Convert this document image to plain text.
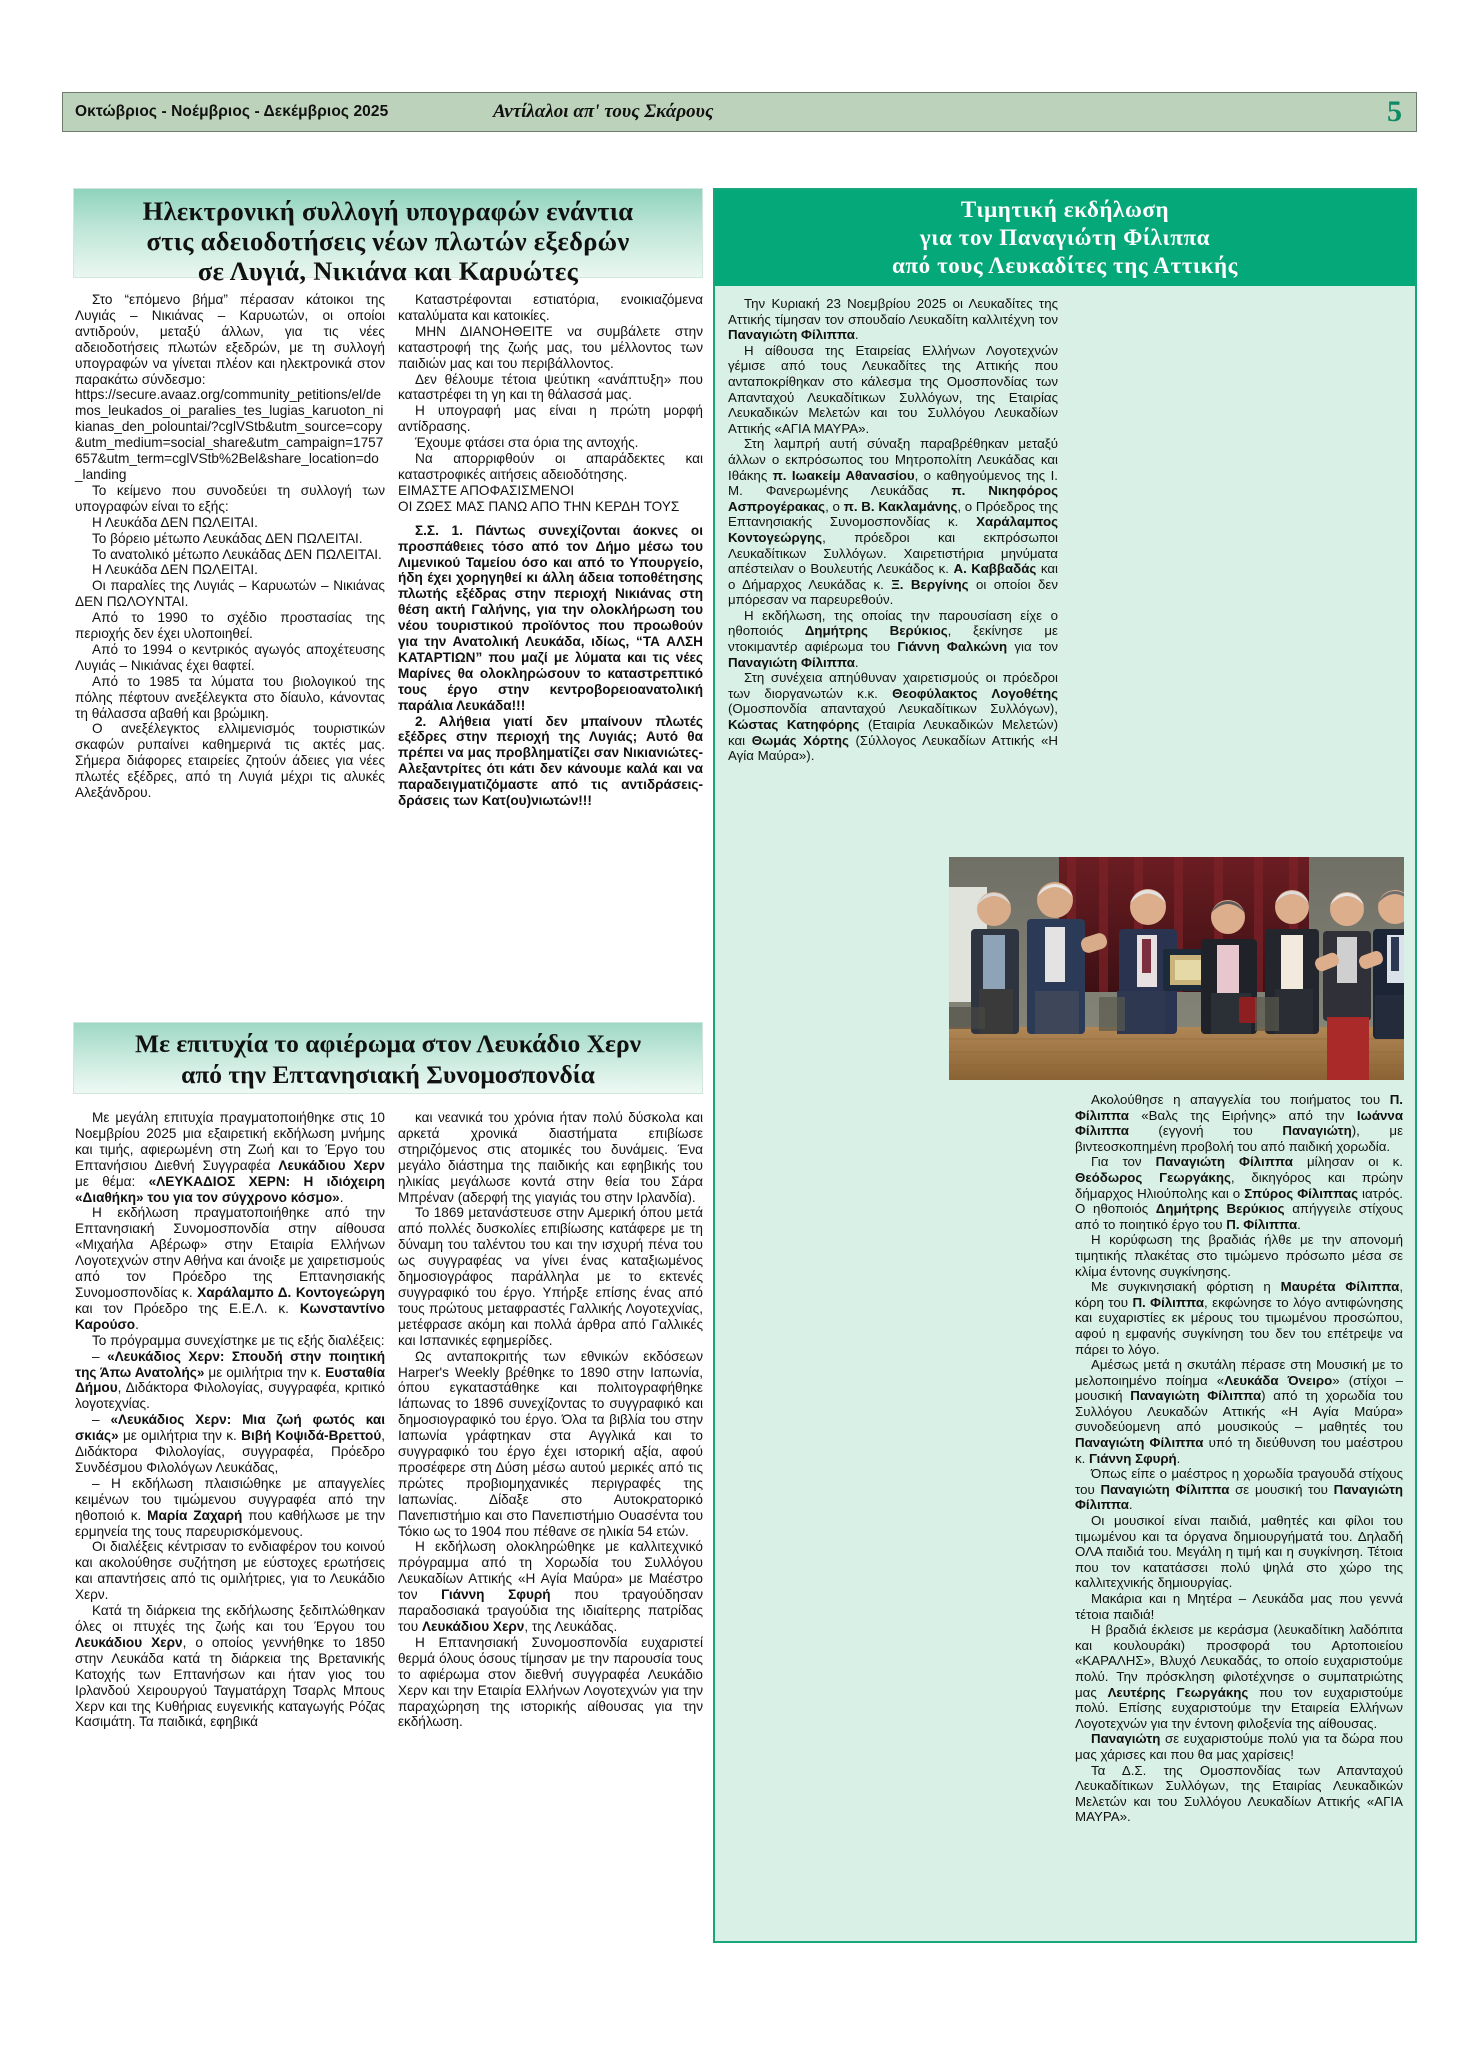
Οκτώβριος - Νοέμβριος - Δεκέμβριος 2025	Αντίλαλοι απ' τους Σκάρους	5
Ηλεκτρονική συλλογή υπογραφών ενάντια
στις αδειοδοτήσεις νέων πλωτών εξεδρών
σε Λυγιά, Νικιάνα και Καρυώτες

Στο “επόμενο βήμα” πέρασαν κάτοικοι της Λυγιάς – Νικιάνας – Καρυωτών, οι οποίοι αντιδρούν, μεταξύ άλλων, για τις νέες αδειοδοτήσεις πλωτών εξεδρών, με τη συλλογή υπογραφών να γίνεται πλέον και ηλεκτρονικά στον παρακάτω σύνδεσμο:

https://secure.avaaz.org/community_petitions/el/demos_leukados_oi_paralies_tes_lugias_karuoton_nikianas_den_polountai/?cglVStb&utm_source=copy&utm_medium=social_share&utm_campaign=1757657&utm_term=cglVStb%2Bel&share_location=do_landing

Το κείμενο που συνοδεύει τη συλλογή των υπογραφών είναι το εξής:

Η Λευκάδα ΔΕΝ ΠΩΛΕΙΤΑΙ.

Το βόρειο μέτωπο Λευκάδας ΔΕΝ ΠΩΛΕΙΤΑΙ.

Το ανατολικό μέτωπο Λευκάδας ΔΕΝ ΠΩΛΕΙΤΑΙ.

Η Λευκάδα ΔΕΝ ΠΩΛΕΙΤΑΙ.

Οι παραλίες της Λυγιάς – Καρυωτών – Νικιάνας ΔΕΝ ΠΩΛΟΥΝΤΑΙ.

Από το 1990 το σχέδιο προστασίας της περιοχής δεν έχει υλοποιηθεί.

Από το 1994 ο κεντρικός αγωγός αποχέτευσης Λυγιάς – Νικιάνας έχει θαφτεί.

Από το 1985 τα λύματα του βιολογικού της πόλης πέφτουν ανεξέλεγκτα στο δίαυλο, κάνοντας τη θάλασσα αβαθή και βρώμικη.

Ο ανεξέλεγκτος ελλιμενισμός τουριστικών σκαφών ρυπαίνει καθημερινά τις ακτές μας. Σήμερα διάφορες εταιρείες ζητούν άδειες για νέες πλωτές εξέδρες, από τη Λυγιά μέχρι τις αλυκές Αλεξάνδρου.

Καταστρέφονται εστιατόρια, ενοικιαζόμενα καταλύματα και κατοικίες.

ΜΗΝ ΔΙΑΝΟΗΘΕΙΤΕ να συμβάλετε στην καταστροφή της ζωής μας, του μέλλοντος των παιδιών μας και του περιβάλλοντος.

Δεν θέλουμε τέτοια ψεύτικη «ανάπτυξη» που καταστρέφει τη γη και τη θάλασσά μας.

Η υπογραφή μας είναι η πρώτη μορφή αντίδρασης.

Έχουμε φτάσει στα όρια της αντοχής.

Να απορριφθούν οι απαράδεκτες και καταστροφικές αιτήσεις αδειοδότησης.

ΕΙΜΑΣΤΕ ΑΠΟΦΑΣΙΣΜΕΝΟΙ

ΟΙ ΖΩΕΣ ΜΑΣ ΠΑΝΩ ΑΠΟ ΤΗΝ ΚΕΡΔΗ ΤΟΥΣ

Σ.Σ. 1. Πάντως συνεχίζονται άοκνες οι προσπάθειες τόσο από τον Δήμο μέσω του Λιμενικού Ταμείου όσο και από το Υπουργείο, ήδη έχει χορηγηθεί κι άλλη άδεια τοποθέτησης πλωτής εξέδρας στην περιοχή Νικιάνας στη θέση ακτή Γαλήνης, για την ολοκλήρωση του νέου τουριστικού προϊόντος που προωθούν για την Ανατολική Λευκάδα, ιδίως, “ΤΑ ΑΛΣΗ ΚΑΤΑΡΤΙΩΝ” που μαζί με λύματα και τις νέες Μαρίνες θα ολοκληρώσουν το καταστρεπτικό τους έργο στην κεντροβορειοανατολική παράλια Λευκάδα!!!

2. Αλήθεια γιατί δεν μπαίνουν πλωτές εξέδρες στην περιοχή της Λυγιάς; Αυτό θα πρέπει να μας προβληματίζει σαν Νικιανιώτες-Αλεξαντρίτες ότι κάτι δεν κάνουμε καλά και να παραδειγματιζόμαστε από τις αντιδράσεις-δράσεις των Κατ(ου)νιωτών!!!

Με επιτυχία το αφιέρωμα στον Λευκάδιο Χερν
από την Επτανησιακή Συνομοσπονδία

Με μεγάλη επιτυχία πραγματοποιήθηκε στις 10 Νοεμβρίου 2025 μια εξαιρετική εκδήλωση μνήμης και τιμής, αφιερωμένη στη Ζωή και το Έργο του Επτανήσιου Διεθνή Συγγραφέα Λευκάδιου Χερν με θέμα: «ΛΕΥΚΑΔΙΟΣ ΧΕΡΝ: Η ιδιόχειρη «Διαθήκη» του για τον σύγχρονο κόσμο».

Η εκδήλωση πραγματοποιήθηκε από την Επτανησιακή Συνομοσπονδία στην αίθουσα «Μιχαήλα Αβέρωφ» στην Εταιρία Ελλήνων Λογοτεχνών στην Αθήνα και άνοιξε με χαιρετισμούς από τον Πρόεδρο της Επτανησιακής Συνομοσπονδίας κ. Χαράλαμπο Δ. Κοντογεώργη και τον Πρόεδρο της Ε.Ε.Λ. κ. Κωνσταντίνο Καρούσο.

Το πρόγραμμα συνεχίστηκε με τις εξής διαλέξεις:

– «Λευκάδιος Χερν: Σπουδή στην ποιητική της Άπω Ανατολής» με ομιλήτρια την κ. Ευσταθία Δήμου, Διδάκτορα Φιλολογίας, συγγραφέα, κριτικό λογοτεχνίας.

– «Λευκάδιος Χερν: Μια ζωή φωτός και σκιάς» με ομιλήτρια την κ. Βιβή Κοψιδά-Βρεττού, Διδάκτορα Φιλολογίας, συγγραφέα, Πρόεδρο Συνδέσμου Φιλολόγων Λευκάδας,

– Η εκδήλωση πλαισιώθηκε με απαγγελίες κειμένων του τιμώμενου συγγραφέα από την ηθοποιό κ. Μαρία Ζαχαρή που καθήλωσε με την ερμηνεία της τους παρευρισκόμενους.

Οι διαλέξεις κέντρισαν το ενδιαφέρον του κοινού και ακολούθησε συζήτηση με εύστοχες ερωτήσεις και απαντήσεις από τις ομιλήτριες, για το Λευκάδιο Χερν.

Κατά τη διάρκεια της εκδήλωσης ξεδιπλώθηκαν όλες οι πτυχές της ζωής και του Έργου του Λευκάδιου Χερν, ο οποίος γεννήθηκε το 1850 στην Λευκάδα κατά τη διάρκεια της Βρετανικής Κατοχής των Επτανήσων και ήταν γιος του Ιρλανδού Χειρουργού Ταγματάρχη Τσαρλς Μπους Χερν και της Κυθήριας ευγενικής καταγωγής Ρόζας Κασιμάτη. Τα παιδικά, εφηβικά

και νεανικά του χρόνια ήταν πολύ δύσκολα και αρκετά χρονικά διαστήματα επιβίωσε στηριζόμενος στις ατομικές του δυνάμεις. Ένα μεγάλο διάστημα της παιδικής και εφηβικής του ηλικίας μεγάλωσε κοντά στην θεία του Σάρα Μπρέναν (αδερφή της γιαγιάς του στην Ιρλανδία).

Το 1869 μετανάστευσε στην Αμερική όπου μετά από πολλές δυσκολίες επιβίωσης κατάφερε με τη δύναμη του ταλέντου του και την ισχυρή πένα του ως συγγραφέας να γίνει ένας καταξιωμένος δημοσιογράφος παράλληλα με το εκτενές συγγραφικό του έργο. Υπήρξε επίσης ένας από τους πρώτους μεταφραστές Γαλλικής Λογοτεχνίας, μετέφρασε ακόμη και πολλά άρθρα από Γαλλικές και Ισπανικές εφημερίδες.

Ως ανταποκριτής των εθνικών εκδόσεων Harper's Weekly βρέθηκε το 1890 στην Ιαπωνία, όπου εγκαταστάθηκε και πολιτογραφήθηκε Ιάπωνας το 1896 συνεχίζοντας το συγγραφικό και δημοσιογραφικό του έργο. Όλα τα βιβλία του στην Ιαπωνία γράφτηκαν στα Αγγλικά και το συγγραφικό του έργο έχει ιστορική αξία, αφού προσέφερε στη Δύση μέσω αυτού μερικές από τις πρώτες προβιομηχανικές περιγραφές της Ιαπωνίας. Δίδαξε στο Αυτοκρατορικό Πανεπιστήμιο και στο Πανεπιστήμιο Ουασέντα του Τόκιο ως το 1904 που πέθανε σε ηλικία 54 ετών.

Η εκδήλωση ολοκληρώθηκε με καλλιτεχνικό πρόγραμμα από τη Χορωδία του Συλλόγου Λευκαδίων Αττικής «Η Αγία Μαύρα» με Μαέστρο τον Γιάννη Σφυρή που τραγούδησαν παραδοσιακά τραγούδια της ιδιαίτερης πατρίδας του Λευκάδιου Χερν, της Λευκάδας.

Η Επτανησιακή Συνομοσπονδία ευχαριστεί θερμά όλους όσους τίμησαν με την παρουσία τους το αφιέρωμα στον διεθνή συγγραφέα Λευκάδιο Χερν και την Εταιρία Ελλήνων Λογοτεχνών για την παραχώρηση της ιστορικής αίθουσας για την εκδήλωση.

Τιμητική εκδήλωση
για τον Παναγιώτη Φίλιππα
από τους Λευκαδίτες της Αττικής

Την Κυριακή 23 Νοεμβρίου 2025 οι Λευκαδίτες της Αττικής τίμησαν τον σπουδαίο Λευκαδίτη καλλιτέχνη τον Παναγιώτη Φίλιππα.

Η αίθουσα της Εταιρείας Ελλήνων Λογοτεχνών γέμισε από τους Λευκαδίτες της Αττικής που ανταποκρίθηκαν στο κάλεσμα της Ομοσπονδίας των Απανταχού Λευκαδίτικων Συλλόγων, της Εταιρίας Λευκαδικών Μελετών και του Συλλόγου Λευκαδίων Αττικής «ΑΓΙΑ ΜΑΥΡΑ».

Στη λαμπρή αυτή σύναξη παραβρέθηκαν μεταξύ άλλων ο εκπρόσωπος του Μητροπολίτη Λευκάδας και Ιθάκης π. Ιωακείμ Αθανασίου, ο καθηγούμενος της Ι. Μ. Φανερωμένης Λευκάδας π. Νικηφόρος Ασπρογέρακας, ο π. Β. Κακλαμάνης, ο Πρόεδρος της Επτανησιακής Συνομοσπονδίας κ. Χαράλαμπος Κοντογεώργης, πρόεδροι και εκπρόσωποι Λευκαδίτικων Συλλόγων. Χαιρετιστήρια μηνύματα απέστειλαν ο Βουλευτής Λευκάδος κ. Α. Καββαδάς και ο Δήμαρχος Λευκάδας κ. Ξ. Βεργίνης οι οποίοι δεν μπόρεσαν να παρευρεθούν.

Η εκδήλωση, της οποίας την παρουσίαση είχε ο ηθοποιός Δημήτρης Βερύκιος, ξεκίνησε με ντοκιμαντέρ αφιέρωμα του Γιάννη Φαλκώνη για τον Παναγιώτη Φίλιππα.

Στη συνέχεια απηύθυναν χαιρετισμούς οι πρόεδροι των διοργανωτών κ.κ. Θεοφύλακτος Λογοθέτης (Ομοσπονδία απανταχού Λευκαδίτικων Συλλόγων), Κώστας Κατηφόρης (Εταιρία Λευκαδικών Μελετών) και Θωμάς Χόρτης (Σύλλογος Λευκαδίων Αττικής «Η Αγία Μαύρα»).

Ακολούθησε η απαγγελία του ποιήματος του Π. Φίλιππα «Βαλς της Ειρήνης» από την Ιωάννα Φίλιππα (εγγονή του Παναγιώτη), με βιντεοσκοπημένη προβολή του από παιδική χορωδία.

Για τον Παναγιώτη Φίλιππα μίλησαν οι κ. Θεόδωρος Γεωργάκης, δικηγόρος και πρώην δήμαρχος Ηλιούπολης και ο Σπύρος Φίλιππας ιατρός. Ο ηθοποιός Δημήτρης Βερύκιος απήγγειλε στίχους από το ποιητικό έργο του Π. Φίλιππα.

Η κορύφωση της βραδιάς ήλθε με την απονομή τιμητικής πλακέτας στο τιμώμενο πρόσωπο μέσα σε κλίμα έντονης συγκίνησης.

Με συγκινησιακή φόρτιση η Μαυρέτα Φίλιππα, κόρη του Π. Φίλιππα, εκφώνησε το λόγο αντιφώνησης και ευχαριστίες εκ μέρους του τιμωμένου προσώπου, αφού η εμφανής συγκίνηση του δεν του επέτρεψε να πάρει το λόγο.

Αμέσως μετά η σκυτάλη πέρασε στη Μουσική με το μελοποιημένο ποίημα «Λευκάδα Όνειρο» (στίχοι – μουσική Παναγιώτη Φίλιππα) από τη χορωδία του Συλλόγου Λευκαδών Αττικής «Η Αγία Μαύρα» συνοδεύομενη από μουσικούς – μαθητές του Παναγιώτη Φίλιππα υπό τη διεύθυνση του μαέστρου κ. Γιάννη Σφυρή.

Όπως είπε ο μαέστρος η χορωδία τραγουδά στίχους του Παναγιώτη Φίλιππα σε μουσική του Παναγιώτη Φίλιππα.

Οι μουσικοί είναι παιδιά, μαθητές και φίλοι του τιμωμένου και τα όργανα δημιουργήματά του. Δηλαδή ΟΛΑ παιδιά του. Μεγάλη η τιμή και η συγκίνηση. Τέτοια που τον κατατάσσει πολύ ψηλά στο χώρο της καλλιτεχνικής δημιουργίας.

Μακάρια και η Μητέρα – Λευκάδα μας που γεννά τέτοια παιδιά!

Η βραδιά έκλεισε με κεράσμα (λευκαδίτικη λαδόπιτα και κουλουράκι) προσφορά του Αρτοποιείου «ΚΑΡΑΛΗΣ», Βλυχό Λευκαδάς, το οποίο ευχαριστούμε πολύ. Την πρόσκληση φιλοτέχνησε ο συμπατριώτης μας Λευτέρης Γεωργάκης που τον ευχαριστούμε πολύ. Επίσης ευχαριστούμε την Εταιρεία Ελλήνων Λογοτεχνών για την έντονη φιλοξενία της αίθουσας.

Παναγιώτη σε ευχαριστούμε πολύ για τα δώρα που μας χάρισες και που θα μας χαρίσεις!

Τα Δ.Σ. της Ομοσπονδίας των Απανταχού Λευκαδίτικων Συλλόγων, της Εταιρίας Λευκαδικών Μελετών και του Συλλόγου Λευκαδίων Αττικής «ΑΓΙΑ ΜΑΥΡΑ».
